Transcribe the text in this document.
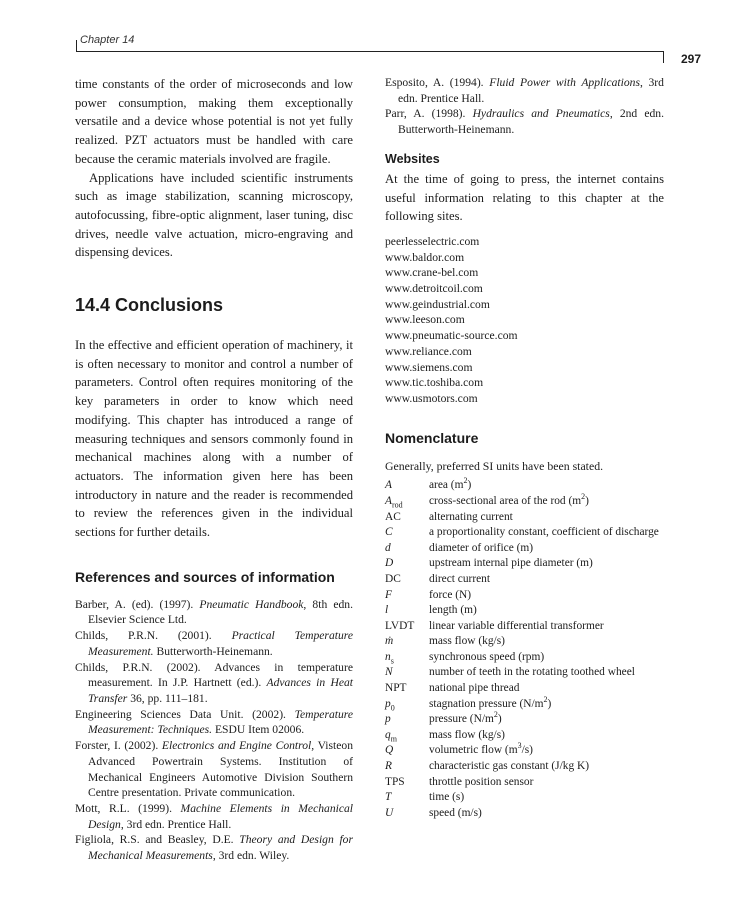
Chapter 14
297

time constants of the order of microseconds and low power consumption, making them exceptionally versatile and a device whose potential is not yet fully realized. PZT actuators must be handled with care because the ceramic materials involved are fragile.

Applications have included scientific instruments such as image stabilization, scanning microscopy, autofocussing, fibre-optic alignment, laser tuning, disc drives, needle valve actuation, micro-engraving and dispensing devices.

14.4 Conclusions

In the effective and efficient operation of machinery, it is often necessary to monitor and control a number of parameters. Control often requires monitoring of the key parameters in order to know which need modifying. This chapter has introduced a range of measuring techniques and sensors commonly found in mechanical machines along with a number of actuators. The information given here has been introductory in nature and the reader is recommended to review the references given in the individual sections for further details.

References and sources of information

Barber, A. (ed). (1997). Pneumatic Handbook, 8th edn. Elsevier Science Ltd.

Childs, P.R.N. (2001). Practical Temperature Measurement. Butterworth-Heinemann.

Childs, P.R.N. (2002). Advances in temperature measurement. In J.P. Hartnett (ed.). Advances in Heat Transfer 36, pp. 111–181.

Engineering Sciences Data Unit. (2002). Temperature Measurement: Techniques. ESDU Item 02006.

Forster, I. (2002). Electronics and Engine Control, Visteon Advanced Powertrain Systems. Institution of Mechanical Engineers Automotive Division Southern Centre presentation. Private communication.

Mott, R.L. (1999). Machine Elements in Mechanical Design, 3rd edn. Prentice Hall.

Figliola, R.S. and Beasley, D.E. Theory and Design for Mechanical Measurements, 3rd edn. Wiley.

Esposito, A. (1994). Fluid Power with Applications, 3rd edn. Prentice Hall.

Parr, A. (1998). Hydraulics and Pneumatics, 2nd edn. Butterworth-Heinemann.

Websites

At the time of going to press, the internet contains useful information relating to this chapter at the following sites.

peerlesselectric.com
www.baldor.com
www.crane-bel.com
www.detroitcoil.com
www.geindustrial.com
www.leeson.com
www.pneumatic-source.com
www.reliance.com
www.siemens.com
www.tic.toshiba.com
www.usmotors.com
Nomenclature

Generally, preferred SI units have been stated.

A	area $(m^2)$
$A_{rod}$	cross-sectional area of the rod $(m^2)$
AC	alternating current
C	a proportionality constant, coefficient of discharge
d	diameter of orifice (m)
D	upstream internal pipe diameter (m)
DC	direct current
F	force (N)
l	length (m)
LVDT	linear variable differential transformer
ṁ	mass flow (kg/s)
$n_s$	synchronous speed (rpm)
N	number of teeth in the rotating toothed wheel
NPT	national pipe thread
$p_0$	stagnation pressure $(N/m^2)$
p	pressure $(N/m^2)$
$q_m$	mass flow (kg/s)
Q	volumetric flow $(m^3/s)$
R	characteristic gas constant (J/kg K)
TPS	throttle position sensor
T	time (s)
U	speed (m/s)
